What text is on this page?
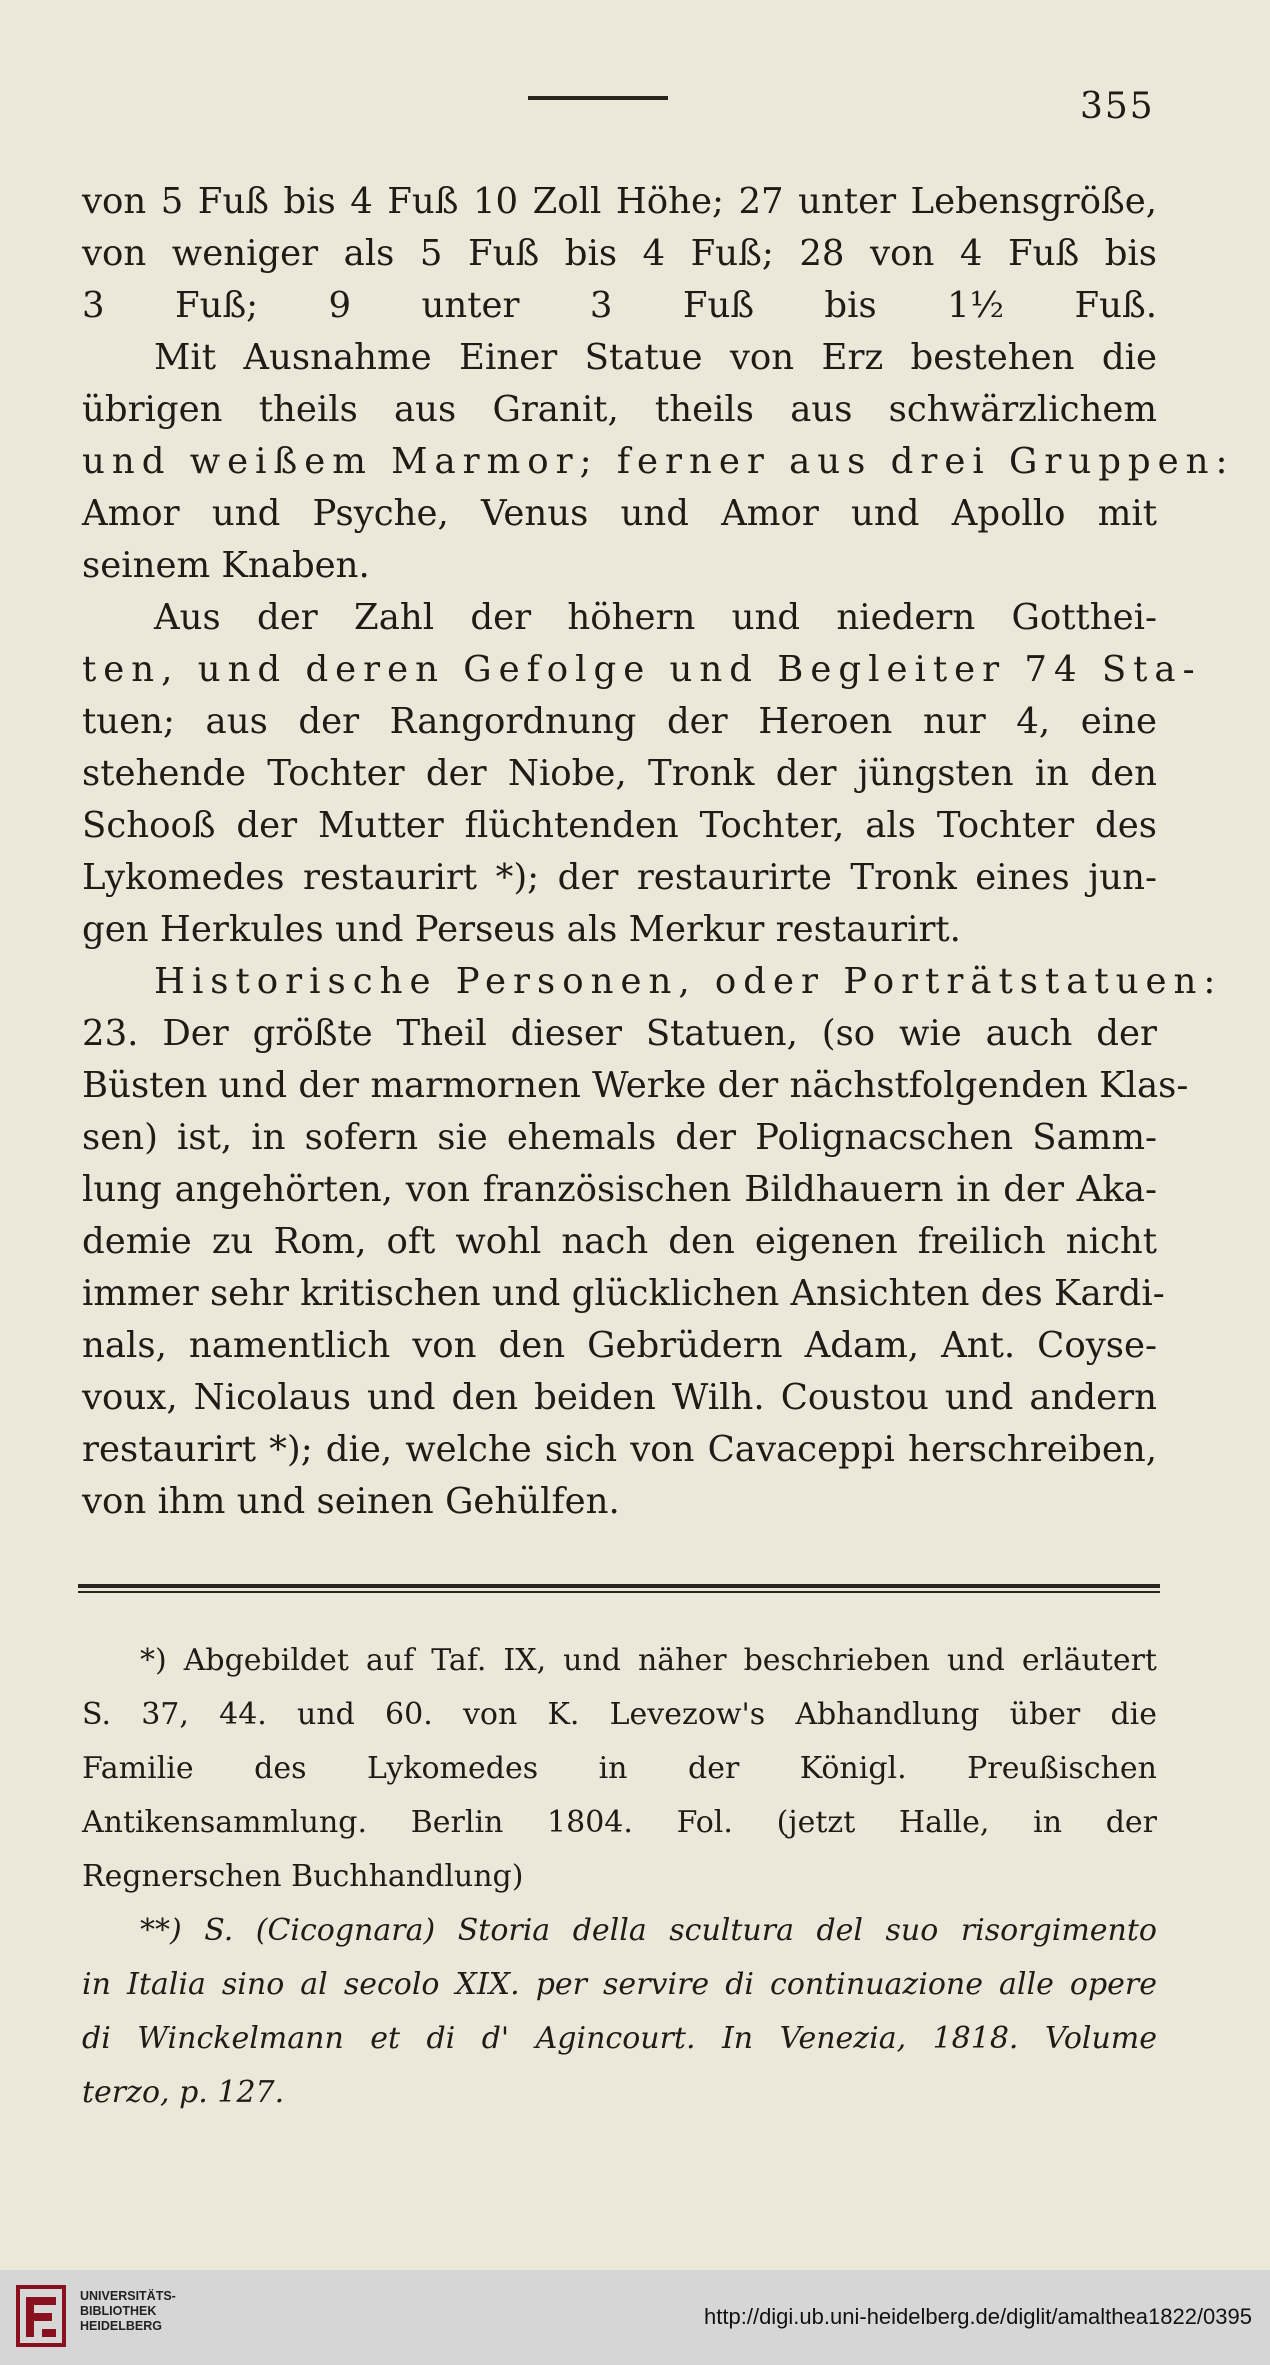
355
von 5 Fuß bis 4 Fuß 10 Zoll Höhe; 27 unter Lebensgröße,
von weniger als 5 Fuß bis 4 Fuß; 28 von 4 Fuß bis
3 Fuß; 9 unter 3 Fuß bis 1½ Fuß.
Mit Ausnahme Einer Statue von Erz bestehen die
übrigen theils aus Granit, theils aus schwärzlichem
und weißem Marmor; ferner aus drei Gruppen:
Amor und Psyche, Venus und Amor und Apollo mit
seinem Knaben.
Aus der Zahl der höhern und niedern Gotthei-
ten, und deren Gefolge und Begleiter 74 Sta-
tuen; aus der Rangordnung der Heroen nur 4, eine
stehende Tochter der Niobe, Tronk der jüngsten in den
Schooß der Mutter flüchtenden Tochter, als Tochter des
Lykomedes restaurirt *); der restaurirte Tronk eines jun-
gen Herkules und Perseus als Merkur restaurirt.
Historische Personen, oder Porträtstatuen:
23. Der größte Theil dieser Statuen, (so wie auch der
Büsten und der marmornen Werke der nächstfolgenden Klas-
sen) ist, in sofern sie ehemals der Polignacschen Samm-
lung angehörten, von französischen Bildhauern in der Aka-
demie zu Rom, oft wohl nach den eigenen freilich nicht
immer sehr kritischen und glücklichen Ansichten des Kardi-
nals, namentlich von den Gebrüdern Adam, Ant. Coyse-
voux, Nicolaus und den beiden Wilh. Coustou und andern
restaurirt *); die, welche sich von Cavaceppi herschreiben,
von ihm und seinen Gehülfen.
*) Abgebildet auf Taf. IX, und näher beschrieben und erläutert
S. 37, 44. und 60. von K. Levezow's Abhandlung über die
Familie des Lykomedes in der Königl. Preußischen
Antikensammlung. Berlin 1804. Fol. (jetzt Halle, in der
Regnerschen Buchhandlung)
**) S. (Cicognara) Storia della scultura del suo risorgimento
in Italia sino al secolo XIX. per servire di continuazione alle opere
di Winckelmann et di d' Agincourt. In Venezia, 1818. Volume
terzo, p. 127.
UNIVERSITÄTS-
BIBLIOTHEK
HEIDELBERG	http://digi.ub.uni-heidelberg.de/diglit/amalthea1822/0395
